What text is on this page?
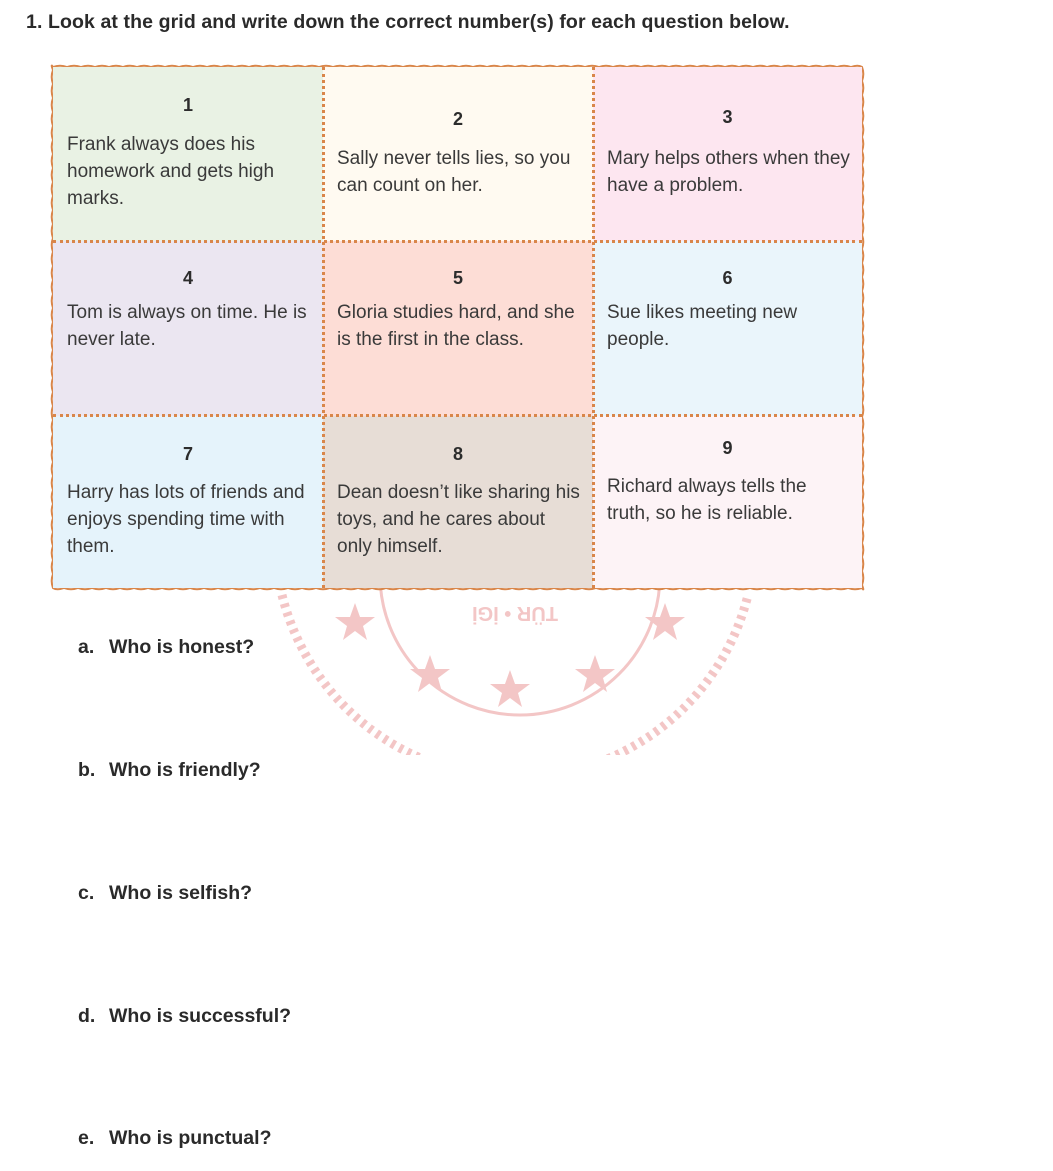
1. Look at the grid and write down the correct number(s) for each question below.
TÜR • İGİ
1
Frank always does his homework and gets high marks.
2
Sally never tells lies, so you can count on her.
3
Mary helps others when they have a problem.
4
Tom is always on time. He is never late.
5
Gloria studies hard, and she is the first in the class.
6
Sue likes meeting new people.
7
Harry has lots of friends and enjoys spending time with them.
8
Dean doesn’t like sharing his toys, and he cares about only himself.
9
Richard always tells the truth, so he is reliable.
a. Who is honest?
b. Who is friendly?
c. Who is selfish?
d. Who is successful?
e. Who is punctual?
